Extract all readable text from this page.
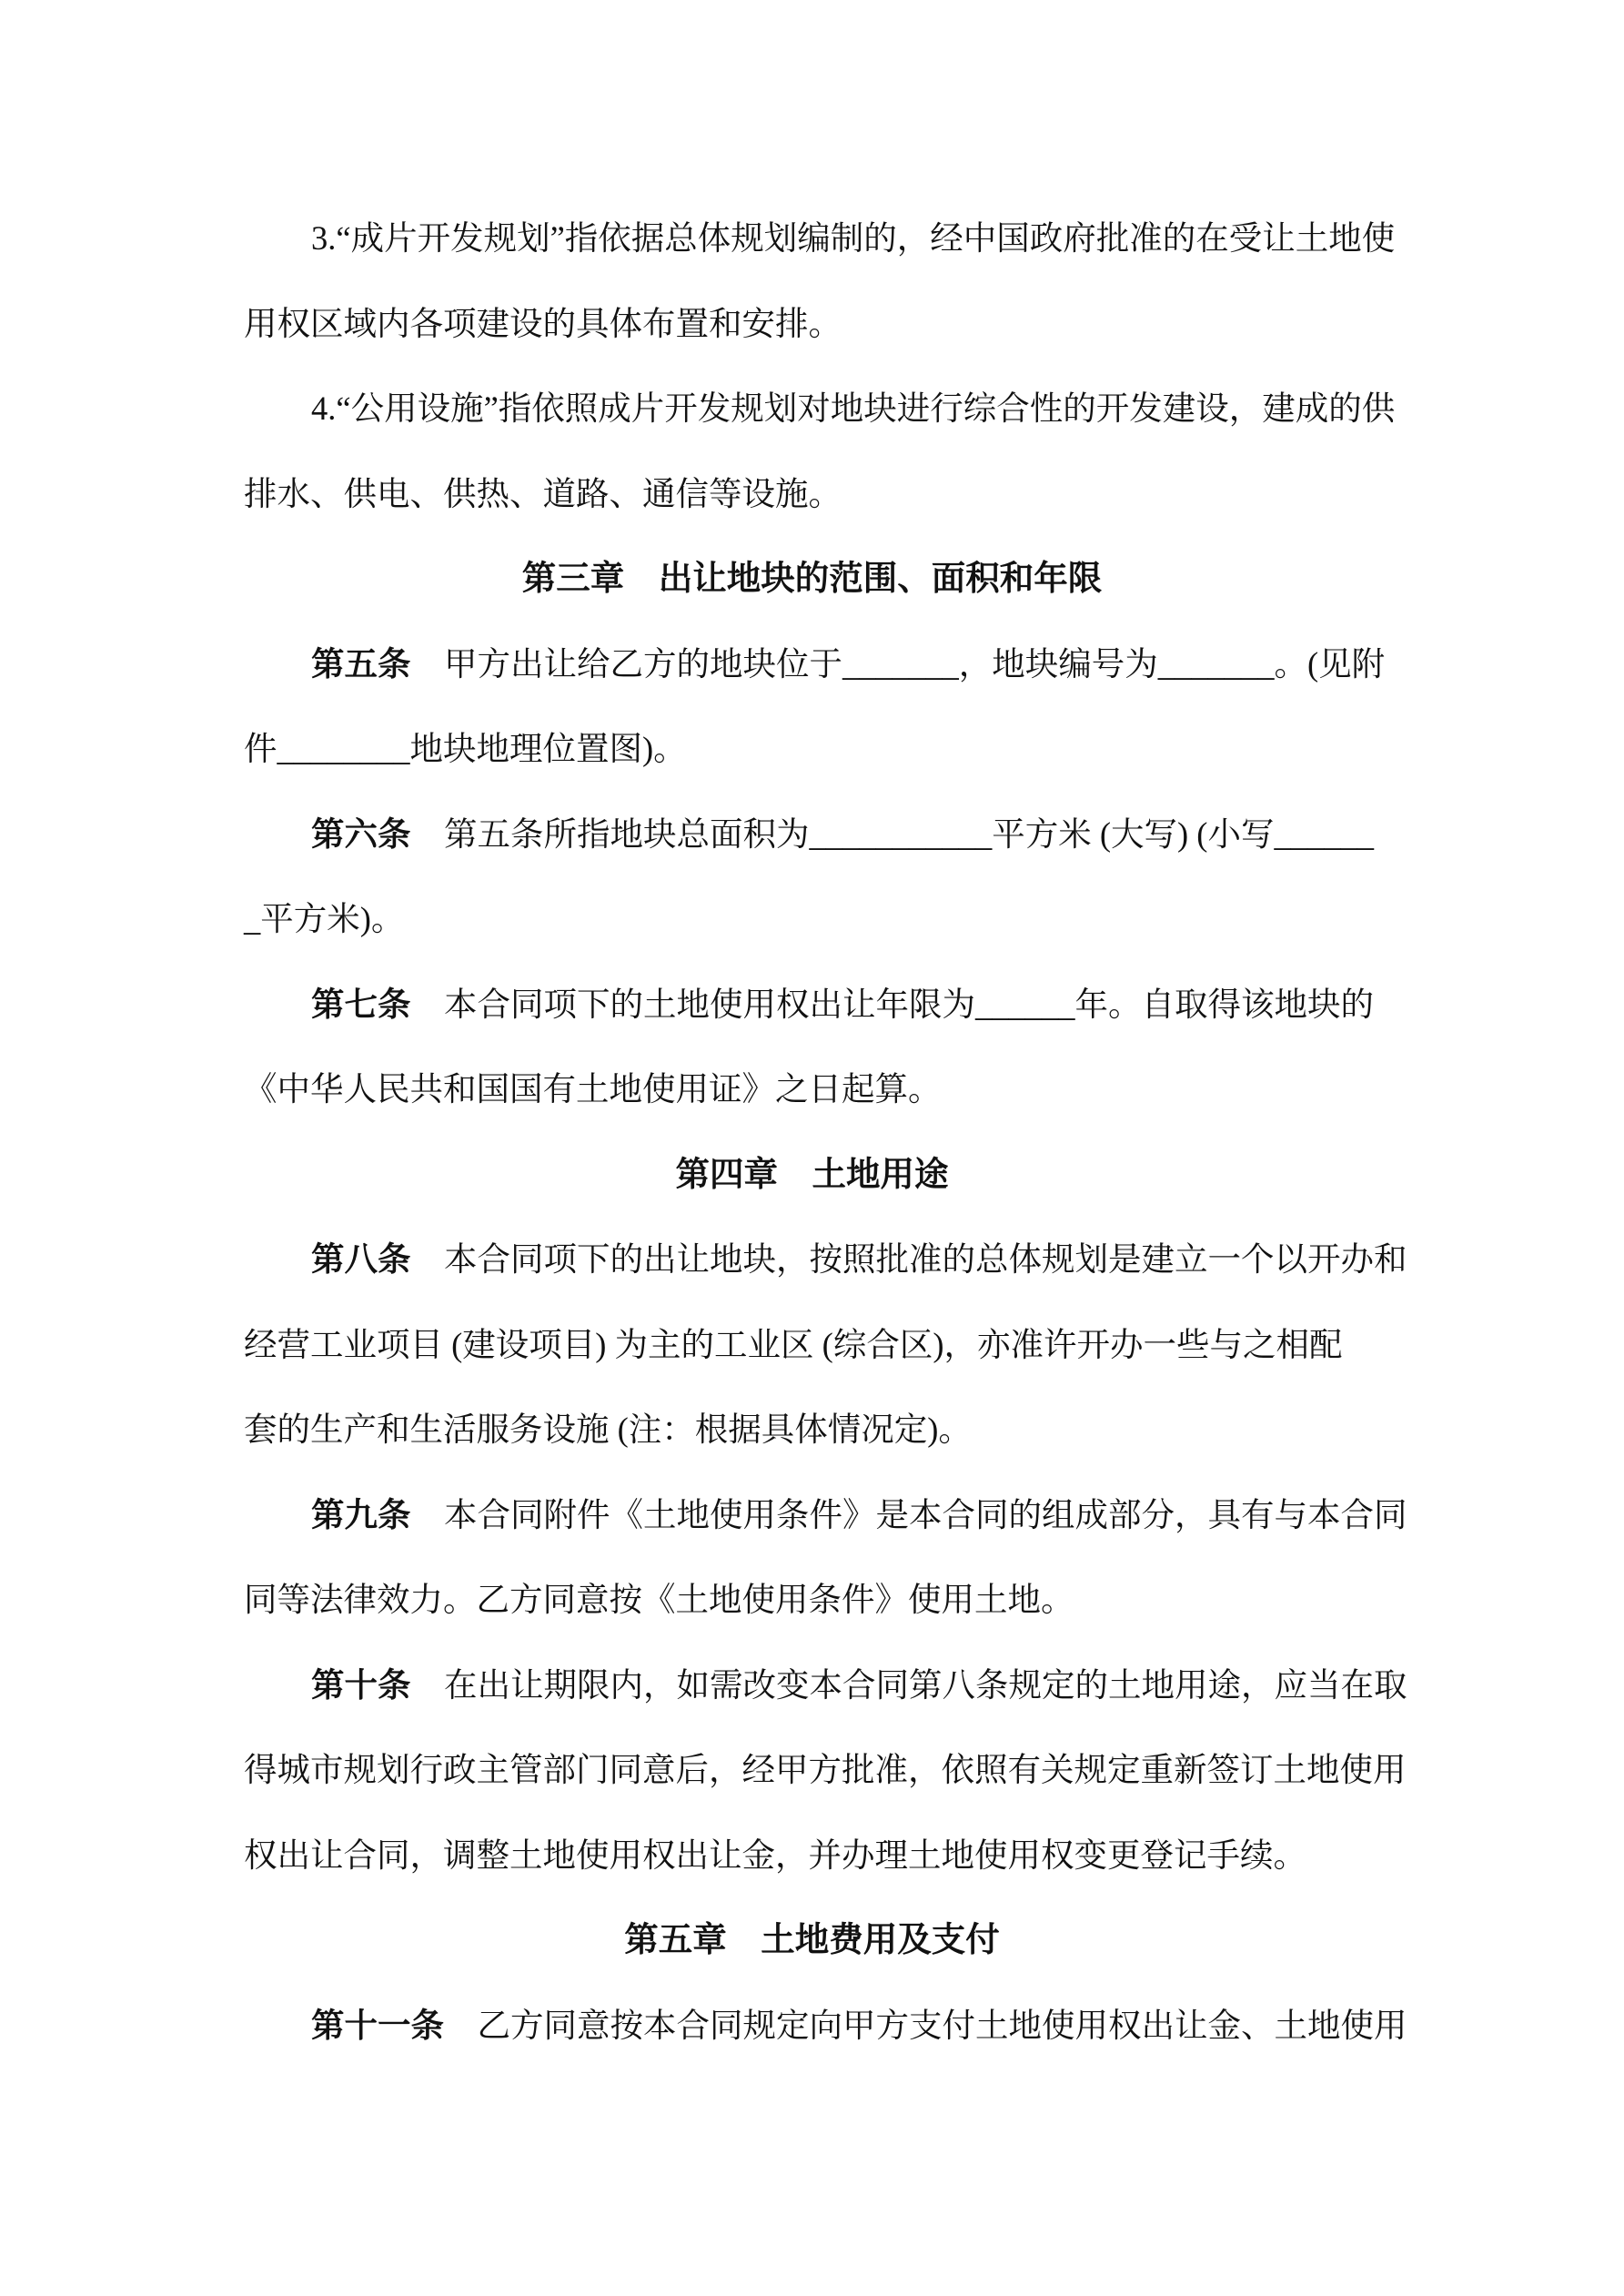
3.“成片开发规划”指依据总体规划编制的，经中国政府批准的在受让土地使
用权区域内各项建设的具体布置和安排。
4.“公用设施”指依照成片开发规划对地块进行综合性的开发建设，建成的供
排水、供电、供热、道路、通信等设施。
第三章　出让地块的范围、面积和年限
第五条　甲方出让给乙方的地块位于_______，地块编号为_______。(见附
件________地块地理位置图)。
第六条　第五条所指地块总面积为___________平方米 (大写) (小写______
_平方米)。
第七条　本合同项下的土地使用权出让年限为______年。自取得该地块的
《中华人民共和国国有土地使用证》之日起算。
第四章　土地用途
第八条　本合同项下的出让地块，按照批准的总体规划是建立一个以开办和
经营工业项目 (建设项目) 为主的工业区 (综合区)，亦准许开办一些与之相配
套的生产和生活服务设施 (注：根据具体情况定)。
第九条　本合同附件《土地使用条件》是本合同的组成部分，具有与本合同
同等法律效力。乙方同意按《土地使用条件》使用土地。
第十条　在出让期限内，如需改变本合同第八条规定的土地用途，应当在取
得城市规划行政主管部门同意后，经甲方批准，依照有关规定重新签订土地使用
权出让合同，调整土地使用权出让金，并办理土地使用权变更登记手续。
第五章　土地费用及支付
第十一条　乙方同意按本合同规定向甲方支付土地使用权出让金、土地使用
